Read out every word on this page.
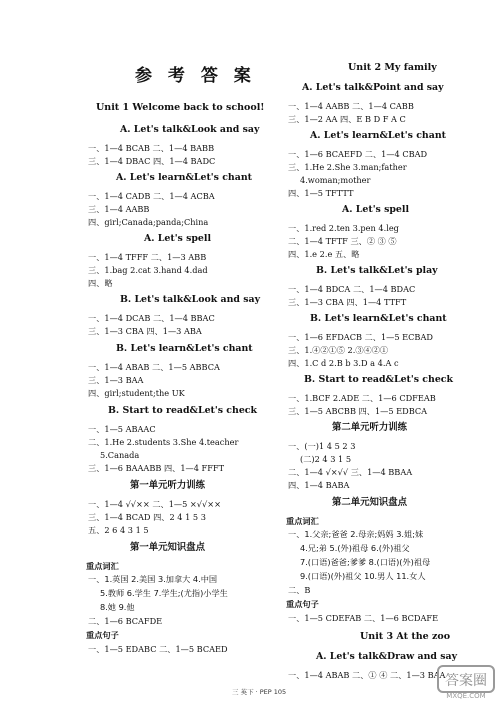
参 考 答 案
Unit 1 Welcome back to school!
A. Let's talk&Look and say
一、1—4 BCAB 二、1—4 BABB
三、1—4 DBAC 四、1—4 BADC
A. Let's learn&Let's chant
一、1—4 CADB 二、1—4 ACBA
三、1—4 AABB
四、girl;Canada;panda;China
A. Let's spell
一、1—4 TFFF 二、1—3 ABB
三、1.bag 2.cat 3.hand 4.dad
四、略
B. Let's talk&Look and say
一、1—4 DCAB 二、1—4 BBAC
三、1—3 CBA 四、1—3 ABA
B. Let's learn&Let's chant
一、1—4 ABAB 二、1—5 ABBCA
三、1—3 BAA
四、girl;student;the UK
B. Start to read&Let's check
一、1—5 ABAAC
二、1.He 2.students 3.She 4.teacher
5.Canada
三、1—6 BAAABB 四、1—4 FFFT
第一单元听力训练
一、1—4 √√×× 二、1—5 ×√√××
三、1—4 BCAD 四、2 4 1 5 3
五、2 6 4 3 1 5
第一单元知识盘点
重点词汇
一、1.英国 2.美国 3.加拿大 4.中国
5.教师 6.学生 7.学生;(尤指)小学生
8.她 9.他
二、1—6 BCAFDE
重点句子
一、1—5 EDABC 二、1—5 BCAED
Unit 2 My family
A. Let's talk&Point and say
一、1—4 AABB 二、1—4 CABB
三、1—2 AA 四、E B D F A C
A. Let's learn&Let's chant
一、1—6 BCAEFD 二、1—4 CBAD
三、1.He 2.She 3.man;father
4.woman;mother
四、1—5 TFTTT
A. Let's spell
一、1.red 2.ten 3.pen 4.leg
二、1—4 TFTF 三、② ③ ⑤
四、1.e 2.e 五、略
B. Let's talk&Let's play
一、1—4 BDCA 二、1—4 BDAC
三、1—3 CBA 四、1—4 TTFT
B. Let's learn&Let's chant
一、1—6 EFDACB 二、1—5 ECBAD
三、1.④②①⑤ 2.③④②①
四、1.C d 2.B b 3.D a 4.A c
B. Start to read&Let's check
一、1.BCF 2.ADE 二、1—6 CDFEAB
三、1—5 ABCBB 四、1—5 EDBCA
第二单元听力训练
一、(一)1 4 5 2 3
(二)2 4 3 1 5
二、1—4 √×√√ 三、1—4 BBAA
四、1—4 BABA
第二单元知识盘点
重点词汇
一、1.父亲;爸爸 2.母亲;妈妈 3.姐;妹
4.兄;弟 5.(外)祖母 6.(外)祖父
7.(口语)爸爸;爹爹 8.(口语)(外)祖母
9.(口语)(外)祖父 10.男人 11.女人
二、B
重点句子
一、1—5 CDEFAB 二、1—6 BCDAFE
Unit 3 At the zoo
A. Let's talk&Draw and say
一、1—4 ABAB 二、① ④ 二、1—3 BAA
三 英下 · PEP 105
答案圈
MXQE.COM
